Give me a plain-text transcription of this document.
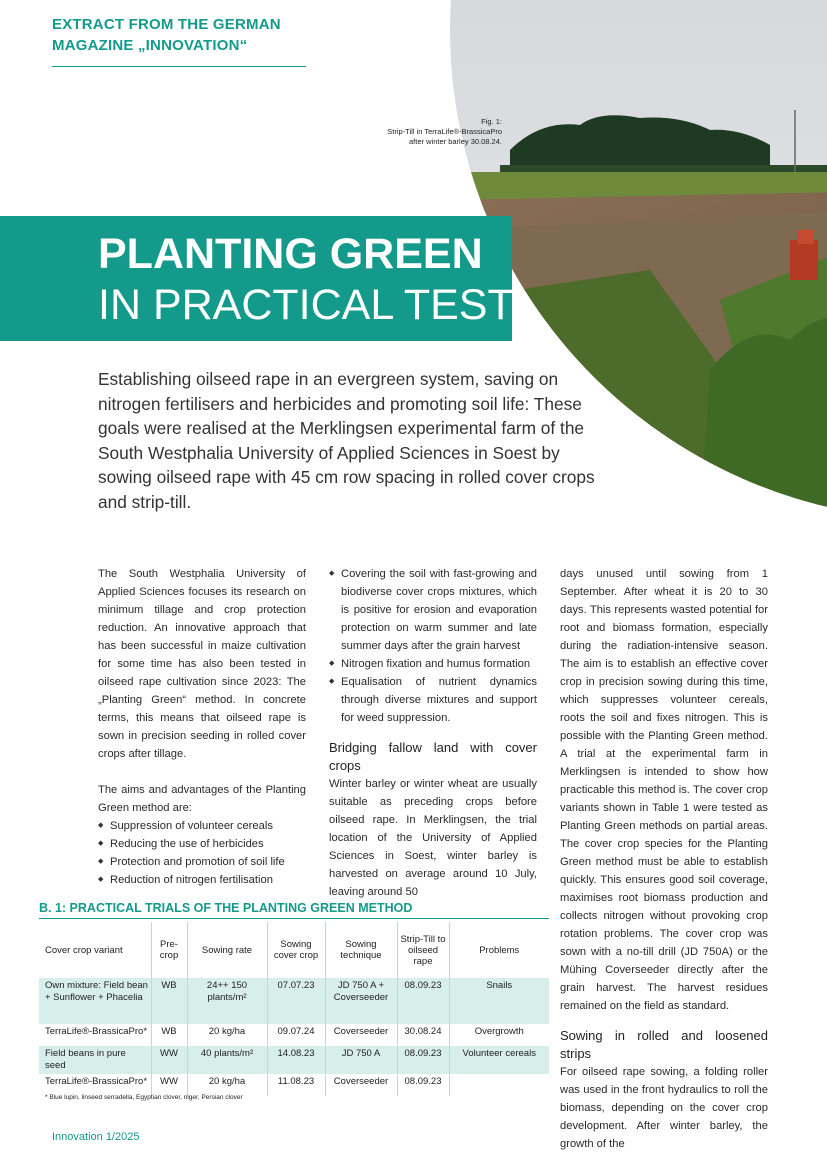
EXTRACT FROM THE GERMAN
MAGAZINE „INNOVATION“
Fig. 1:
Strip-Till in TerraLife®-BrassicaPro
after winter barley 30.08.24.
PLANTING GREEN
IN PRACTICAL TEST
Establishing oilseed rape in an evergreen system, saving on nitrogen fertilisers and herbicides and promoting soil life: These goals were realised at the Merklingsen experimental farm of the South Westphalia University of Applied Sciences in Soest by sowing oilseed rape with 45 cm row spacing in rolled cover crops and strip-till.

The South Westphalia University of Applied Sciences focuses its research on minimum tillage and crop protection reduction. An innovative approach that has been successful in maize cultivation for some time has also been tested in oilseed rape cultivation since 2023: The „Planting Green“ method. In concrete terms, this means that oilseed rape is sown in precision seeding in rolled cover crops after tillage.

The aims and advantages of the Planting Green method are:

◆ Suppression of volunteer cereals
◆ Reducing the use of herbicides
◆ Protection and promotion of soil life
◆ Reduction of nitrogen fertilisation
◆ Covering the soil with fast-growing and biodiverse cover crops mixtures, which is positive for erosion and evaporation protection on warm summer and late summer days after the grain harvest
◆ Nitrogen fixation and humus formation
◆ Equalisation of nutrient dynamics through diverse mixtures and support for weed suppression.

Bridging fallow land with cover crops

Winter barley or winter wheat are usually suitable as preceding crops before oilseed rape. In Merklingsen, the trial location of the University of Applied Sciences in Soest, winter barley is harvested on average around 10 July, leaving around 50

days unused until sowing from 1 September. After wheat it is 20 to 30 days. This represents wasted potential for root and biomass formation, especially during the radiation-intensive season. The aim is to establish an effective cover crop in precision sowing during this time, which suppresses volunteer cereals, roots the soil and fixes nitrogen. This is possible with the Planting Green method. A trial at the experimental farm in Merklingsen is intended to show how practicable this method is. The cover crop variants shown in Table 1 were tested as Planting Green methods on partial areas. The cover crop species for the Planting Green method must be able to establish quickly. This ensures good soil coverage, maximises root biomass production and collects nitrogen without provoking crop rotation problems. The cover crop was sown with a no-till drill (JD 750A) or the Mühing Coverseeder directly after the grain harvest. The harvest residues remained on the field as standard.

Sowing in rolled and loosened strips

For oilseed rape sowing, a folding roller was used in the front hydraulics to roll the biomass, depending on the cover crop development. After winter barley, the growth of the

B. 1: PRACTICAL TRIALS OF THE PLANTING GREEN METHOD
Cover crop variant	Pre-crop	Sowing rate	Sowing cover crop	Sowing technique	Strip-Till to oilseed rape	Problems
Own mixture: Field bean + Sunflower + Phacelia	WB	24++ 150 plants/m²	07.07.23	JD 750 A + Coverseeder	08.09.23	Snails
TerraLife®-BrassicaPro*	WB	20 kg/ha	09.07.24	Coverseeder	30.08.24	Overgrowth
Field beans in pure seed	WW	40 plants/m²	14.08.23	JD 750 A	08.09.23	Volunteer cereals
TerraLife®-BrassicaPro*	WW	20 kg/ha	11.08.23	Coverseeder	08.09.23	
* Blue lupin, linseed serradella, Egyptian clover, niger, Persian clover
Innovation 1/2025
